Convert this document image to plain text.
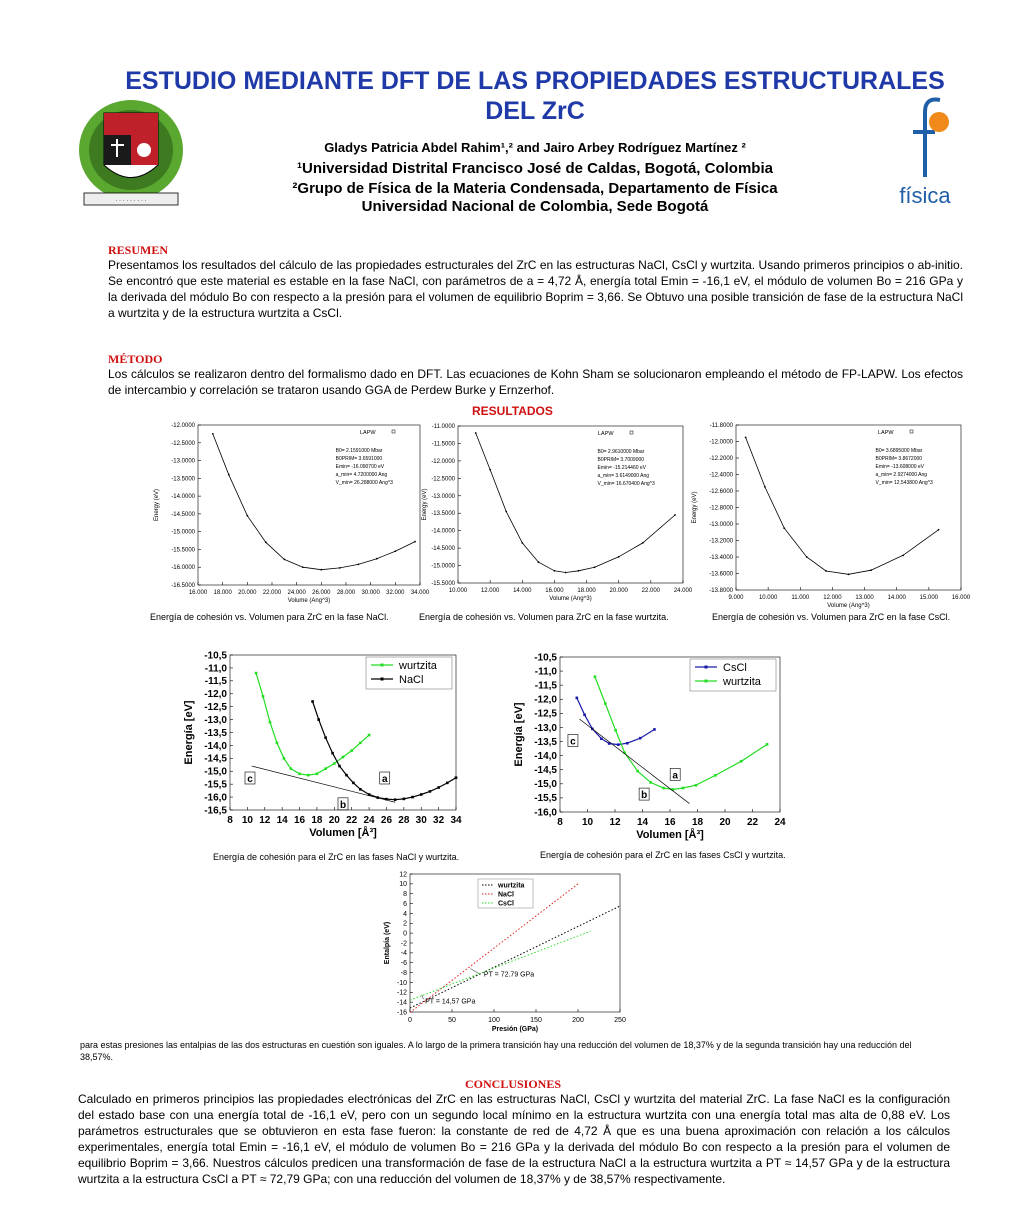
· · · · · · · · ·	física
ESTUDIO MEDIANTE DFT DE LAS PROPIEDADES ESTRUCTURALES DEL ZrC
Gladys Patricia Abdel Rahim¹,² and Jairo Arbey Rodríguez Martínez ²
¹Universidad Distrital Francisco José de Caldas, Bogotá, Colombia
²Grupo de Física de la Materia Condensada, Departamento de Física
Universidad Nacional de Colombia, Sede Bogotá
RESUMEN
Presentamos los resultados del cálculo de las propiedades estructurales del ZrC en las estructuras NaCl, CsCl y wurtzita. Usando primeros principios o ab-initio. Se encontró que este material es estable en la fase NaCl, con parámetros de a = 4,72 Å, energía total Emin = -16,1 eV, el módulo de volumen Bo = 216 GPa y la derivada del módulo Bo con respecto a la presión para el volumen de equilibrio Boprim = 3,66. Se Obtuvo una posible transición de fase de la estructura NaCl a wurtzita y de la estructura wurtzita a CsCl.
MÉTODO
Los cálculos se realizaron dentro del formalismo dado en DFT. Las ecuaciones de Kohn Sham se solucionaron empleando el método de FP-LAPW. Los efectos de intercambio y correlación se trataron usando GGA de Perdew Burke y Ernzerhof.
RESULTADOS
16.000 18.000 20.000 22.000 24.000 26.000 28.000 30.000 32.000 34.000
-12.0000
-12.5000
-13.0000
-13.5000
-14.0000
-14.5000
-15.0000
-15.5000
-16.0000
-16.5000
Volume (Ang^3)
Energy (eV)
LAPW
B0= 2.1591000 Mbar
B0PRIM= 3.6591000
Emin= -16.090700 eV
a_min= 4.7200000 Ang
V_min= 26.288000 Ang^3
10.000 12.000 14.000 16.000 18.000 20.000 22.000 24.000
-11.0000
-11.5000
-12.0000
-12.5000
-13.0000
-13.5000
-14.0000
-14.5000
-15.0000
-15.5000
Volume (Ang^3)
Energy (eV)
LAPW
B0= 2.9610000 Mbar
B0PRIM= 3.7009000
Emin= -15.214460 eV
a_min= 3.6149000 Ang
V_min= 16.670400 Ang^3
9.000	10.000 11.000 12.000 13.000 14.000 15.000 16.000
-11.8000
-12.0000
-12.2000
-12.4000
-12.6000
-12.8000
-13.0000
-13.2000
-13.4000
-13.6000
-13.8000
Volume (Ang^3)
Energy (eV)
LAPW
B0= 3.6895000 Mbar
B0PRIM= 3.8672000
Emin= -13.608000 eV
a_min= 2.9274000 Ang
V_min= 12.543800 Ang^3
Energía de cohesión vs. Volumen para ZrC en la fase NaCl.	Energía de cohesión vs. Volumen para ZrC en la fase wurtzita.	Energía de cohesión vs. Volumen para ZrC en la fase CsCl.
8 10 12 14 16 18 20 22 24 26 28 30 32 34
-10,5
-11,0
-11,5
-12,0
-12,5
-13,0
-13,5
-14,0
-14,5
-15,0
-15,5
-16,0
-16,5
Volumen [Å³]
Energía [eV]
wurtzita
NaCl
c	a
b
8 10 12 14 16 18 20 22 24
-10,5
-11,0
-11,5
-12,0
-12,5
-13,0
-13,5
-14,0
-14,5
-15,0
-15,5
-16,0
Volumen [Å³]
Energía [eV]
CsCl
wurtzita
c
a
b
Energía de cohesión para el ZrC en las fases NaCl y wurtzita.	Energía de cohesión para el ZrC en las fases CsCl y wurtzita.
0	50	100	150	200	250
12
10
8
6
4
2
0
-2
-4
-6
-8
-10
-12
-14
-16
Presión (GPa)
Entalpía (eV)
wurtzita
NaCl
CsCl
PT = 72.79 GPa
PT = 14,57 GPa
para estas presiones las entalpias de las dos estructuras en cuestión son iguales. A lo largo de la primera transición hay una reducción del volumen de 18,37% y de la segunda transición hay una reducción del 38,57%.
CONCLUSIONES
Calculado en primeros principios las propiedades electrónicas del ZrC en las estructuras NaCl, CsCl y wurtzita del material ZrC. La fase NaCl es la configuración del estado base con una energía total de -16,1 eV, pero con un segundo local mínimo en la estructura wurtzita con una energía total mas alta de 0,88 eV. Los parámetros estructurales que se obtuvieron en esta fase fueron: la constante de red de 4,72 Å que es una buena aproximación con relación a los cálculos experimentales, energía total Emin = -16,1 eV, el módulo de volumen Bo = 216 GPa y la derivada del módulo Bo con respecto a la presión para el volumen de equilibrio Boprim = 3,66. Nuestros cálculos predicen una transformación de fase de la estructura NaCl a la estructura wurtzita a PT ≈ 14,57 GPa y de la estructura wurtzita a la estructura CsCl a PT ≈ 72,79 GPa; con una reducción del volumen de 18,37% y de 38,57% respectivamente.
